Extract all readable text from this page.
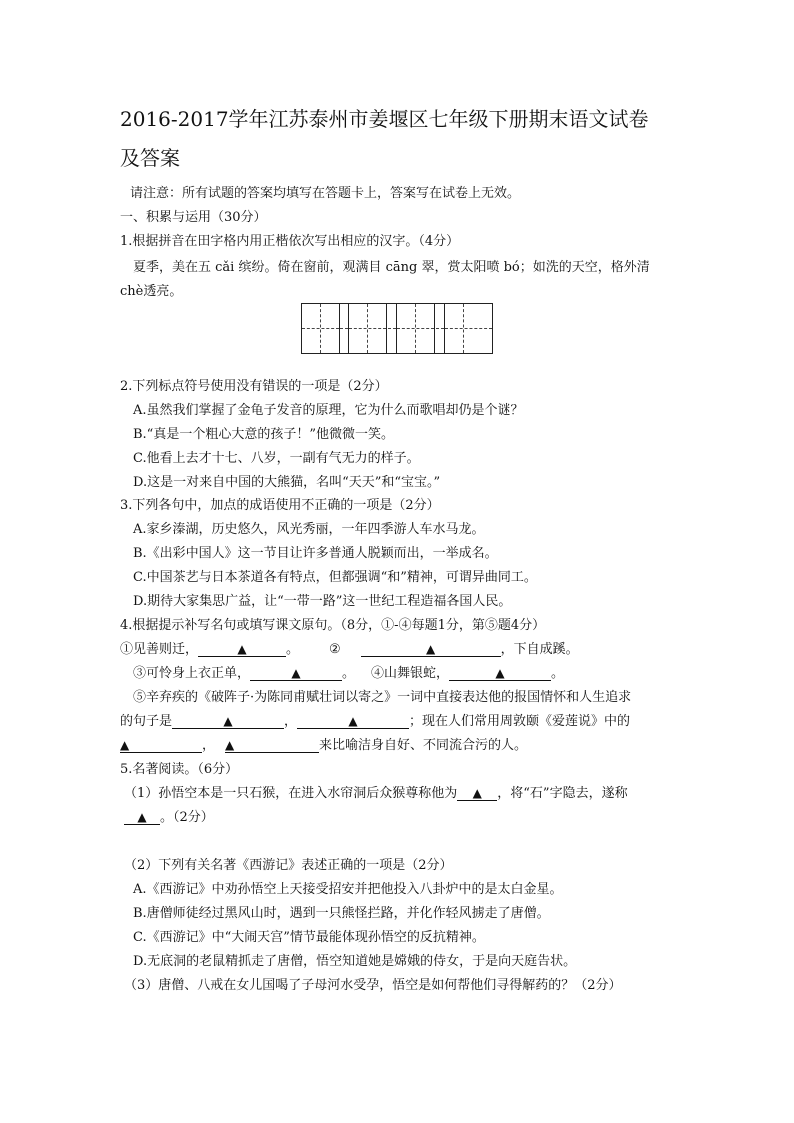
2016-2017学年江苏泰州市姜堰区七年级下册期末语文试卷
及答案
请注意：所有试题的答案均填写在答题卡上，答案写在试卷上无效。
一、积累与运用（30分）
1.根据拼音在田字格内用正楷依次写出相应的汉字。（4分）
夏季，美在五 cǎi 缤纷。倚在窗前，观满目 cāng 翠，赏太阳喷 bó；如洗的天空，格外清
chè透亮。
2.下列标点符号使用没有错误的一项是（2分）
A.虽然我们掌握了金龟子发音的原理，它为什么而歌唱却仍是个谜？
B.“真是一个粗心大意的孩子！”他微微一笑。
C.他看上去才十七、八岁，一副有气无力的样子。
D.这是一对来自中国的大熊猫，名叫“天天”和“宝宝。”
3.下列各句中，加点的成语使用不正确的一项是（2分）
A.家乡溱湖，历史悠久，风光秀丽，一年四季游人车水马龙。
B.《出彩中国人》这一节目让许多普通人脱颖而出，一举成名。
C.中国茶艺与日本茶道各有特点，但都强调“和”精神，可谓异曲同工。
D.期待大家集思广益，让“一带一路”这一世纪工程造福各国人民。
4.根据提示补写名句或填写课文原句。（8分，①-④每题1分，第⑤题4分）
①见善则迁，	▲	。 ②	▲	，下自成蹊。
③可怜身上衣正单，	▲	。 ④山舞银蛇，	▲	。
⑤辛弃疾的《破阵子·为陈同甫赋壮词以寄之》一词中直接表达他的报国情怀和人生追求
的句子是	▲	，	▲	；现在人们常用周敦颐《爱莲说》中的
▲	， ▲	来比喻洁身自好、不同流合污的人。
5.名著阅读。（6分）
（1）孙悟空本是一只石猴，在进入水帘洞后众猴尊称他为 ▲ ，将“石”字隐去，遂称
▲ 。（2分）
（2）下列有关名著《西游记》表述正确的一项是（2分）
A.《西游记》中劝孙悟空上天接受招安并把他投入八卦炉中的是太白金星。
B.唐僧师徒经过黑风山时，遇到一只熊怪拦路，并化作轻风掳走了唐僧。
C.《西游记》中“大闹天宫”情节最能体现孙悟空的反抗精神。
D.无底洞的老鼠精抓走了唐僧，悟空知道她是嫦娥的侍女，于是向天庭告状。
（3）唐僧、八戒在女儿国喝了子母河水受孕，悟空是如何帮他们寻得解药的？（2分）
